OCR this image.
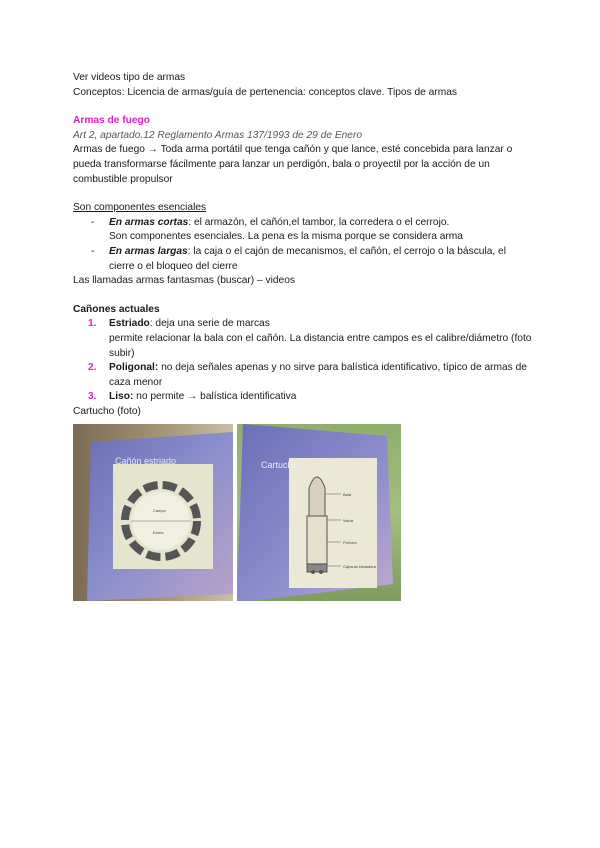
Ver videos tipo de armas

Conceptos: Licencia de armas/guía de pertenencia: conceptos clave. Tipos de armas

Armas de fuego

Art 2, apartado.12 Reglamento Armas 137/1993 de 29 de Enero

Armas de fuego → Toda arma portátil que tenga cañón y que lance, esté concebida para lanzar o pueda transformarse fácilmente para lanzar un perdigón, bala o proyectil por la acción de un combustible propulsor

Son componentes esenciales

- En armas cortas: el armazón, el cañón,el tambor, la corredera o el cerrojo.
Son componentes esenciales. La pena es la misma porque se considera arma
- En armas largas: la caja o el cajón de mecanismos, el cañón, el cerrojo o la báscula, el cierre o el bloqueo del cierre

Las llamadas armas fantasmas (buscar) – videos

Cañones actuales

1. Estriado: deja una serie de marcas
permite relacionar la bala con el cañón. La distancia entre campos es el calibre/diámetro (foto subir)
2. Poligonal: no deja señales apenas y no sirve para balística identificativo, típico de armas de caza menor
3. Liso: no permite → balística identificativa

Cartucho (foto)

Cañón estriado
Campo
Estría
Cartucho
Bala
Vaina
Pólvora
Cápsula iniciadora
